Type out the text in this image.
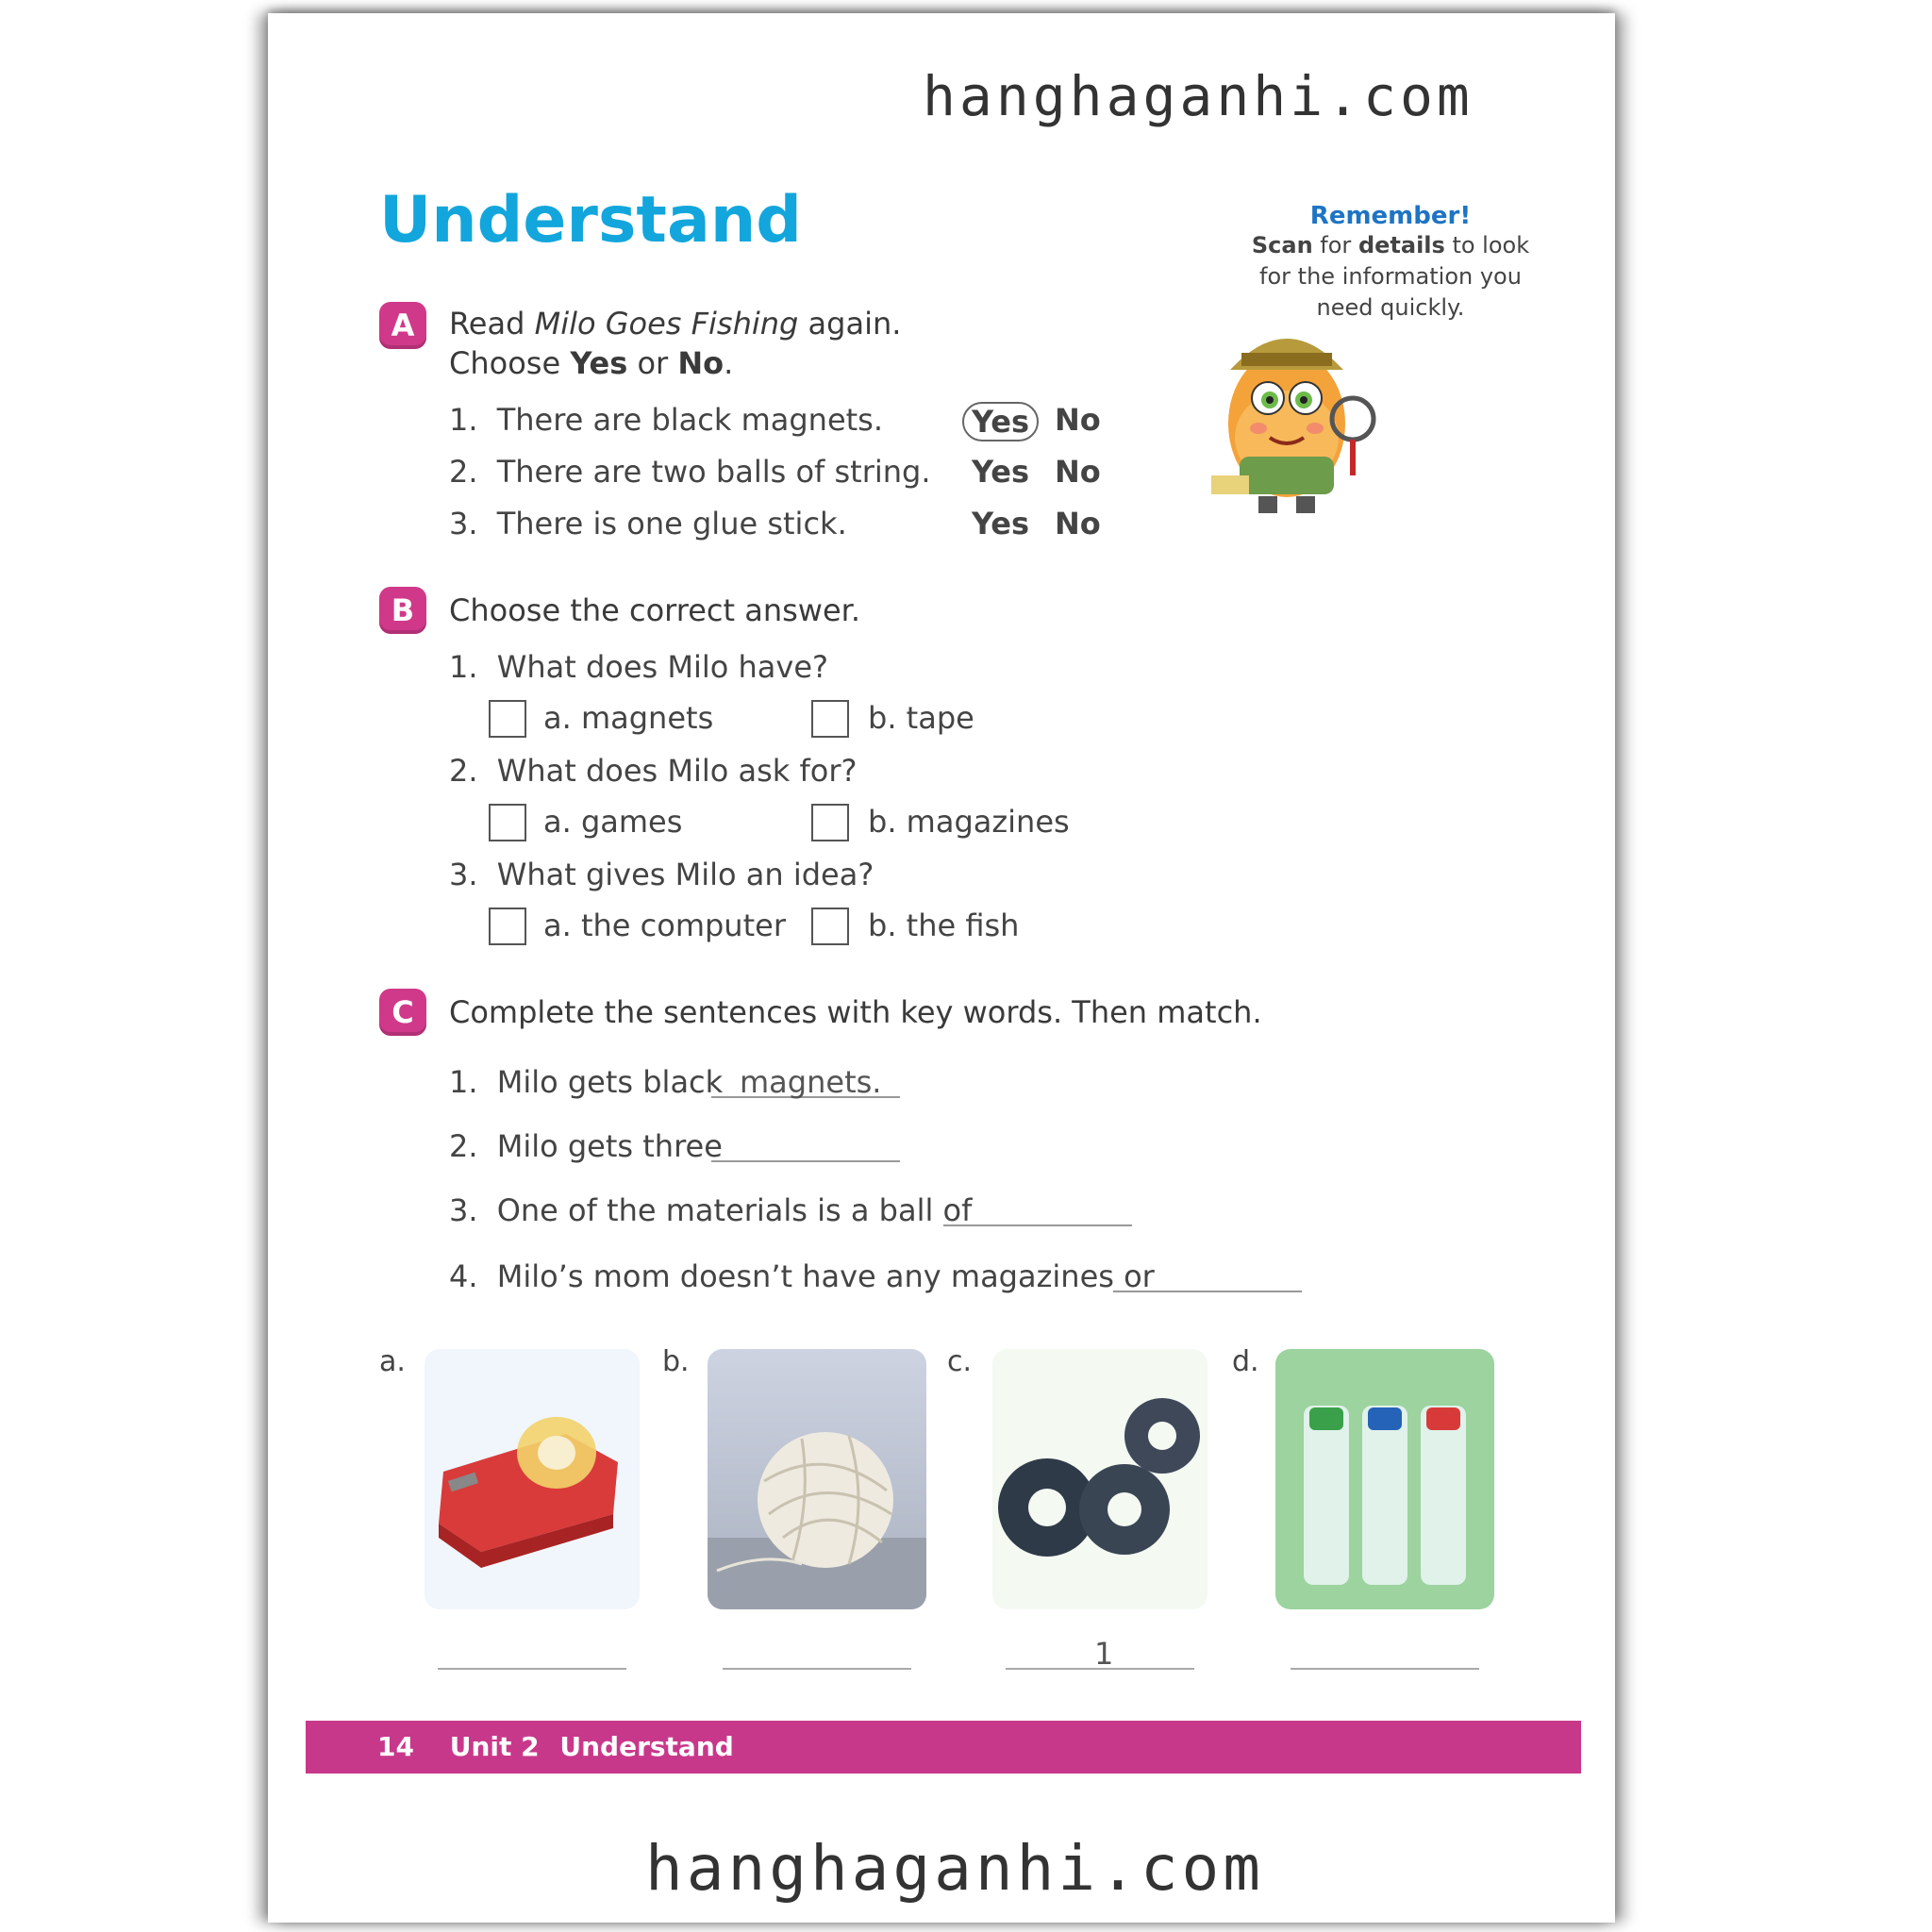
hanghaganhi.com
Understand	Remember!
Scan for details to look
for the information you
need quickly.
A	Read Milo Goes Fishing again.
Choose Yes or No.
1. There are black magnets.	Yes No
2. There are two balls of string. Yes No
3. There is one glue stick.	Yes No
B	Choose the correct answer.
1. What does Milo have?
a. magnets	b. tape
2. What does Milo ask for?
a. games	b. magazines
3. What gives Milo an idea?
a. the computer	b. the fish
C	Complete the sentences with key words. Then match.
1. Milo gets black magnets.
2. Milo gets three
3. One of the materials is a ball of
4. Milo’s mom doesn’t have any magazines or
a.	b.	c.	d.
1
14 Unit 2 Understand
hanghaganhi.com
